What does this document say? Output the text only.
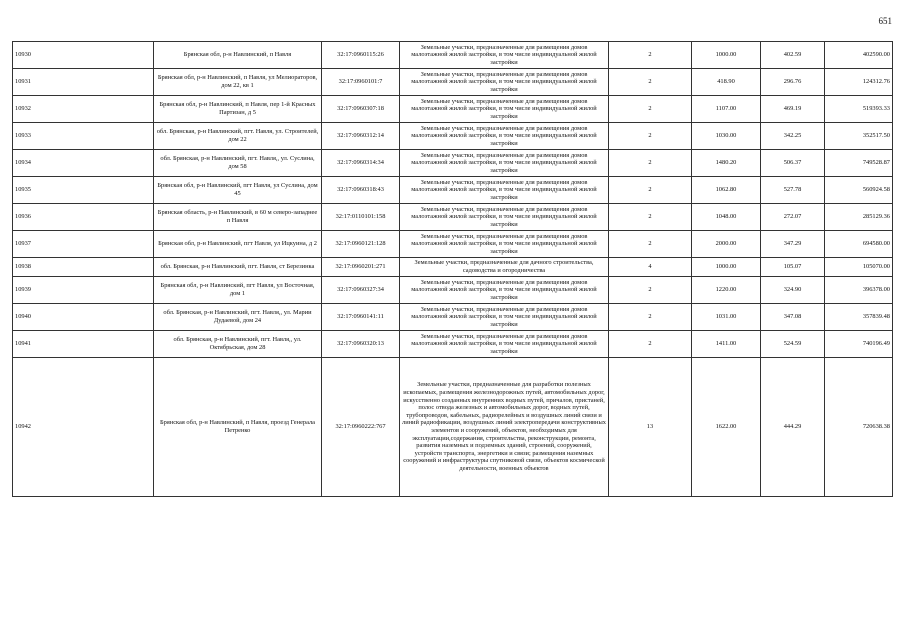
651
10930	Брянская обл, р-н Навлинский, п Навля	32:17:0960115:26	Земельные участки, предназначенные для размещения домов малоэтажной жилой застройки, в том числе индивидуальной жилой застройки	2	1000.00	402.59	402590.00
10931	Брянская обл, р-н Навлинский, п Навля, ул Мелиораторов, дом 22, кв 1	32:17:0960101:7	Земельные участки, предназначенные для размещения домов малоэтажной жилой застройки, в том числе индивидуальной жилой застройки	2	418.90	296.76	124312.76
10932	Брянская обл, р-н Навлинский, п Навля, пер 1-й Красных Партизан, д 5	32:17:0960307:18	Земельные участки, предназначенные для размещения домов малоэтажной жилой застройки, в том числе индивидуальной жилой застройки	2	1107.00	469.19	519393.33
10933	обл. Брянская, р-н Навлинский, пгт. Навля, ул. Строителей, дом 22	32:17:0960312:14	Земельные участки, предназначенные для размещения домов малоэтажной жилой застройки, в том числе индивидуальной жилой застройки	2	1030.00	342.25	352517.50
10934	обл. Брянская, р-н Навлинский, пгт. Навля,, ул. Суслина, дом 58	32:17:0960314:34	Земельные участки, предназначенные для размещения домов малоэтажной жилой застройки, в том числе индивидуальной жилой застройки	2	1480.20	506.37	749528.87
10935	Брянская обл, р-н Навлинский, пгт Навля, ул Суслина, дом 45	32:17:0960318:43	Земельные участки, предназначенные для размещения домов малоэтажной жилой застройки, в том числе индивидуальной жилой застройки	2	1062.80	527.78	560924.58
10936	Брянская область, р-н Навлинский, в 60 м северо-западнее п Навля	32:17:0110101:158	Земельные участки, предназначенные для размещения домов малоэтажной жилой застройки, в том числе индивидуальной жилой застройки	2	1048.00	272.07	285129.36
10937	Брянская обл, р-н Навлинский, пгт Навля, ул Ицкуина, д 2	32:17:0960121:128	Земельные участки, предназначенные для размещения домов малоэтажной жилой застройки, в том числе индивидуальной жилой застройки	2	2000.00	347.29	694580.00
10938	обл. Брянская, р-н Навлинский, пгт. Навля, ст Березинка	32:17:0960201:271	Земельные участки, предназначенные для дачного строительства, садоводства и огородничества	4	1000.00	105.07	105070.00
10939	Брянская обл, р-н Навлинский, пгт Навля, ул Восточная, дом 1	32:17:0960327:34	Земельные участки, предназначенные для размещения домов малоэтажной жилой застройки, в том числе индивидуальной жилой застройки	2	1220.00	324.90	396378.00
10940	обл. Брянская, р-н Навлинский, пгт. Навля,, ул. Марии Дудаевой, дом 24	32:17:0960141:11	Земельные участки, предназначенные для размещения домов малоэтажной жилой застройки, в том числе индивидуальной жилой застройки	2	1031.00	347.08	357839.48
10941	обл. Брянская, р-н Навлинский, пгт. Навля,, ул. Октябрьская, дом 28	32:17:0960320:13	Земельные участки, предназначенные для размещения домов малоэтажной жилой застройки, в том числе индивидуальной жилой застройки	2	1411.00	524.59	740196.49
10942	Брянская обл, р-н Навлинский, п Навля, проезд Генерала Петренко	32:17:0960222:767	Земельные участки, предназначенные для разработки полезных ископаемых, размещения железнодорожных путей, автомобильных дорог, искусственно созданных внутренних водных путей, причалов, пристаней, полос отвода железных и автомобильных дорог, водных путей, трубопроводов, кабельных, радиорелейных и воздушных линий связи и линий радиофикации, воздушных линий электропередачи конструктивных элементов и сооружений, объектов, необходимых для эксплуатации,содержания, строительства, реконструкции, ремонта, развития наземных и подземных зданий, строений, сооружений, устройств транспорта, энергетики и связи; размещения наземных сооружений и инфраструктуры спутниковой связи, объектов космической деятельности, военных объектов	13	1622.00	444.29	720638.38
